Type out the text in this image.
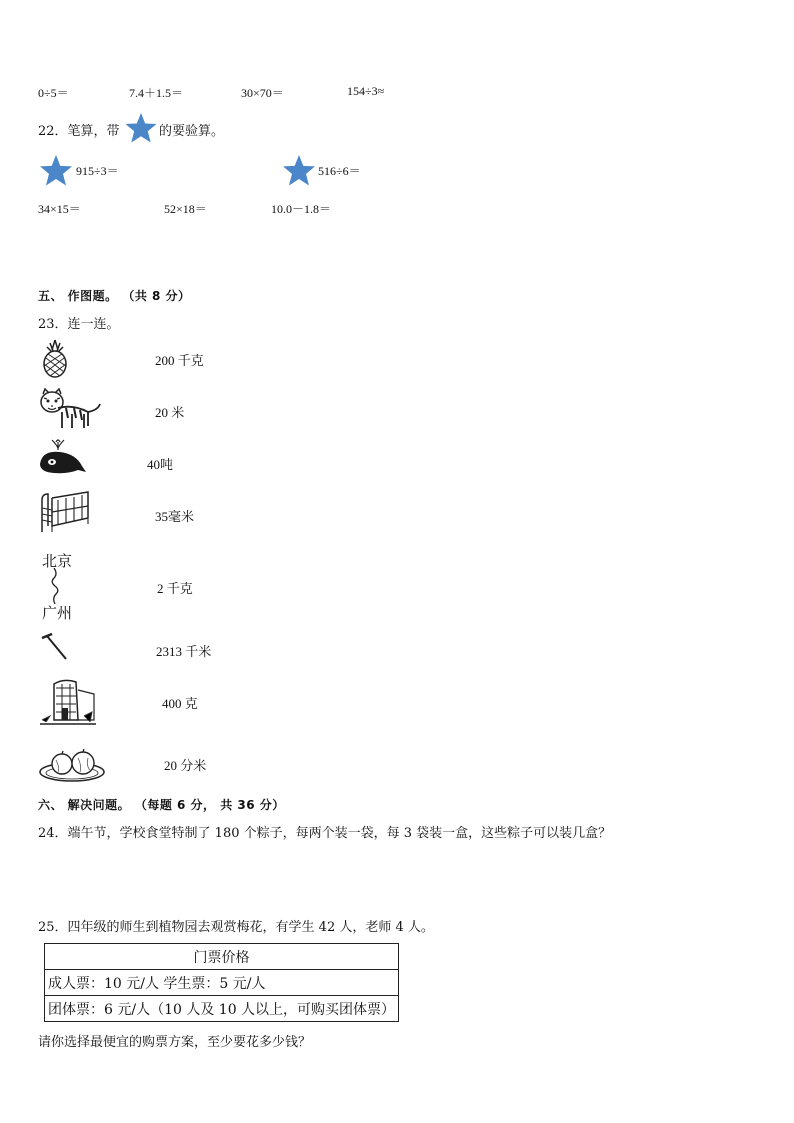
0÷5＝	7.4＋1.5＝	30×70＝	154÷3≈
22．笔算，带	的要验算。
915÷3＝	516÷6＝
34×15＝	52×18＝	10.0－1.8＝
五、 作图题。 （共 8 分）
23．连一连。
200 千克
20 米
40吨
35毫米
北京
广州
2 千克
2313 千米
400 克
20 分米
六、 解决问题。 （每题 6 分， 共 36 分）
24．端午节，学校食堂特制了 180 个粽子，每两个装一袋，每 3 袋装一盒，这些粽子可以装几盒？
25．四年级的师生到植物园去观赏梅花，有学生 42 人，老师 4 人。
门票价格
成人票：10 元/人 学生票：5 元/人
团体票：6 元/人（10 人及 10 人以上，可购买团体票）
请你选择最便宜的购票方案，至少要花多少钱？
